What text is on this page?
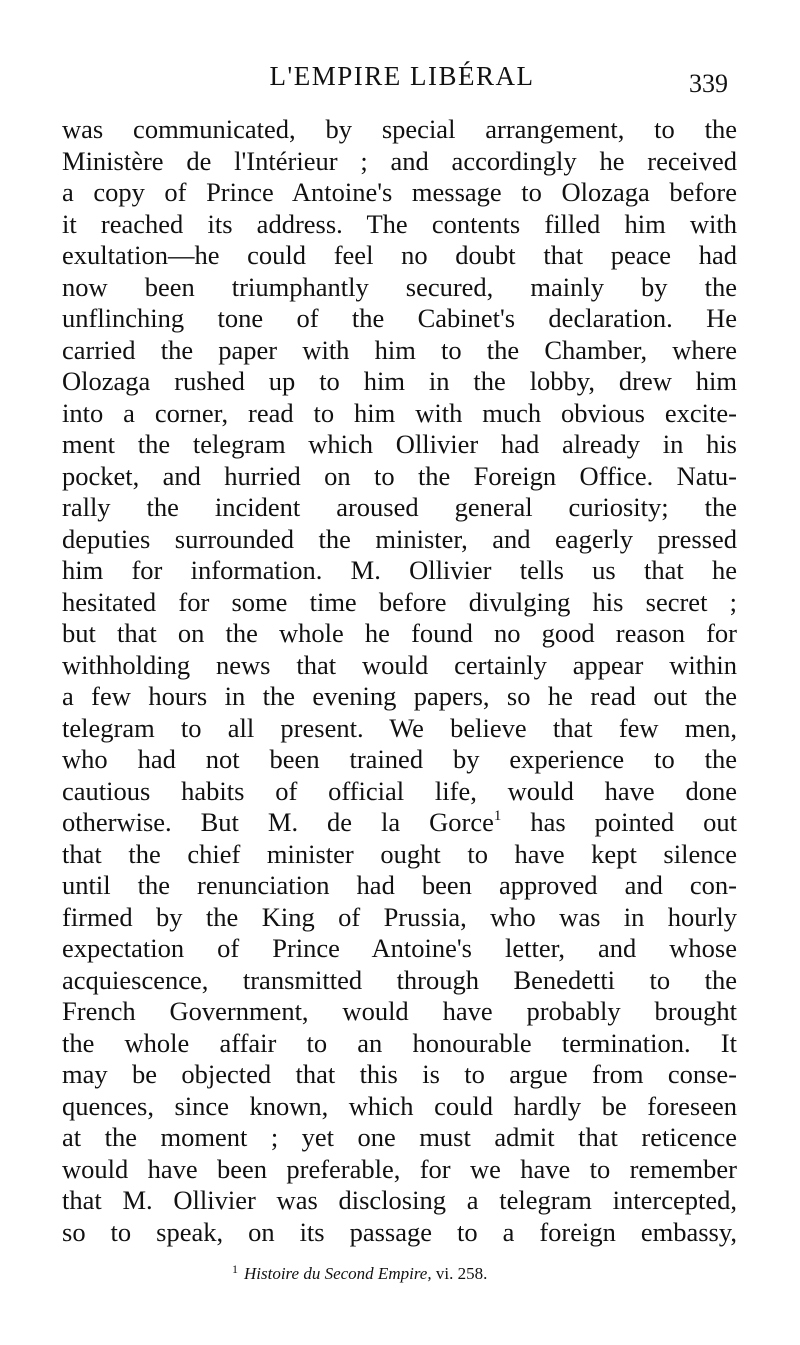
L'EMPIRE LIBÉRAL	339
was communicated, by special arrangement, to the
Ministère de l'Intérieur ; and accordingly he received
a copy of Prince Antoine's message to Olozaga before
it reached its address. The contents filled him with
exultation—he could feel no doubt that peace had
now been triumphantly secured, mainly by the
unflinching tone of the Cabinet's declaration. He
carried the paper with him to the Chamber, where
Olozaga rushed up to him in the lobby, drew him
into a corner, read to him with much obvious excite-
ment the telegram which Ollivier had already in his
pocket, and hurried on to the Foreign Office. Natu-
rally the incident aroused general curiosity; the
deputies surrounded the minister, and eagerly pressed
him for information. M. Ollivier tells us that he
hesitated for some time before divulging his secret ;
but that on the whole he found no good reason for
withholding news that would certainly appear within
a few hours in the evening papers, so he read out the
telegram to all present. We believe that few men,
who had not been trained by experience to the
cautious habits of official life, would have done
otherwise. But M. de la Gorce$^1$ has pointed out
that the chief minister ought to have kept silence
until the renunciation had been approved and con-
firmed by the King of Prussia, who was in hourly
expectation of Prince Antoine's letter, and whose
acquiescence, transmitted through Benedetti to the
French Government, would have probably brought
the whole affair to an honourable termination. It
may be objected that this is to argue from conse-
quences, since known, which could hardly be foreseen
at the moment ; yet one must admit that reticence
would have been preferable, for we have to remember
that M. Ollivier was disclosing a telegram intercepted,
so to speak, on its passage to a foreign embassy,
$^1$ Histoire du Second Empire, vi. 258.
